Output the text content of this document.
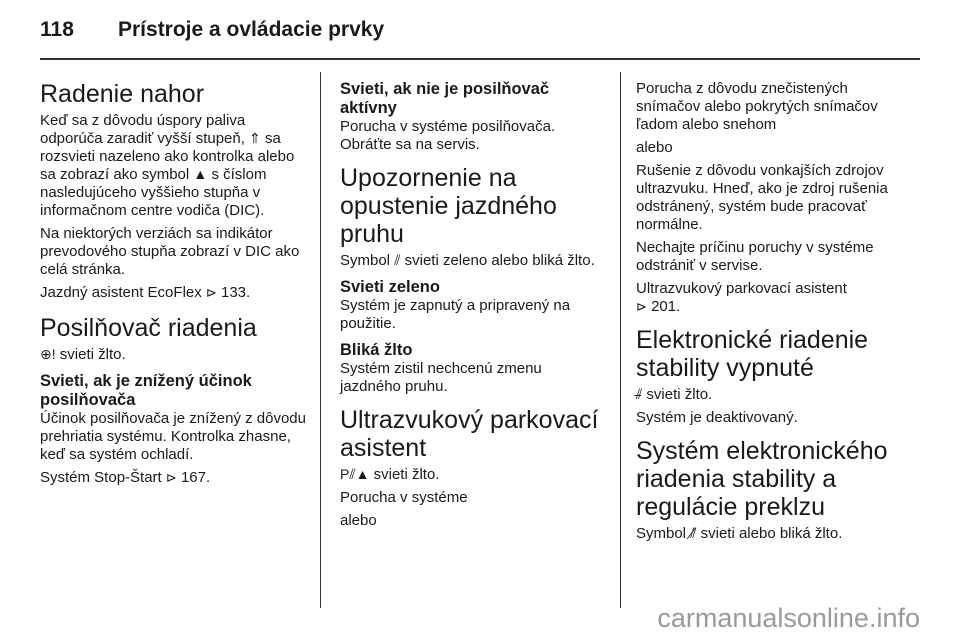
118 Prístroje a ovládacie prvky
Radenie nahor

Keď sa z dôvodu úspory paliva odporúča zaradiť vyšší stupeň, ⇑ sa rozsvieti nazeleno ako kontrolka alebo sa zobrazí ako symbol ▲ s číslom nasledujúceho vyššieho stupňa v informačnom centre vodiča (DIC).

Na niektorých verziách sa indikátor prevodového stupňa zobrazí v DIC ako celá stránka.

Jazdný asistent EcoFlex ⊳ 133.

Posilňovač riadenia

⊕! svieti žlto.

Svieti, ak je znížený účinok posilňovača

Účinok posilňovača je znížený z dôvodu prehriatia systému. Kontrolka zhasne, keď sa systém ochladí.

Systém Stop-Štart ⊳ 167.

Svieti, ak nie je posilňovač aktívny

Porucha v systéme posilňovača. Obráťte sa na servis.

Upozornenie na opustenie jazdného pruhu

Symbol ⫽ svieti zeleno alebo bliká žlto.

Svieti zeleno

Systém je zapnutý a pripravený na použitie.

Bliká žlto

Systém zistil nechcenú zmenu jazdného pruhu.

Ultrazvukový parkovací asistent

P⫽▲ svieti žlto.

Porucha v systéme

alebo

Porucha z dôvodu znečistených snímačov alebo pokrytých snímačov ľadom alebo snehom

alebo

Rušenie z dôvodu vonkajších zdrojov ultrazvuku. Hneď, ako je zdroj rušenia odstránený, systém bude pracovať normálne.

Nechajte príčinu poruchy v systéme odstrániť v servise.

Ultrazvukový parkovací asistent
⊳ 201.

Elektronické riadenie stability vypnuté

⫽̶ svieti žlto.

Systém je deaktivovaný.

Systém elektronického riadenia stability a regulácie preklzu

Symbol ⫽̸ svieti alebo bliká žlto.

carmanualsonline.info
